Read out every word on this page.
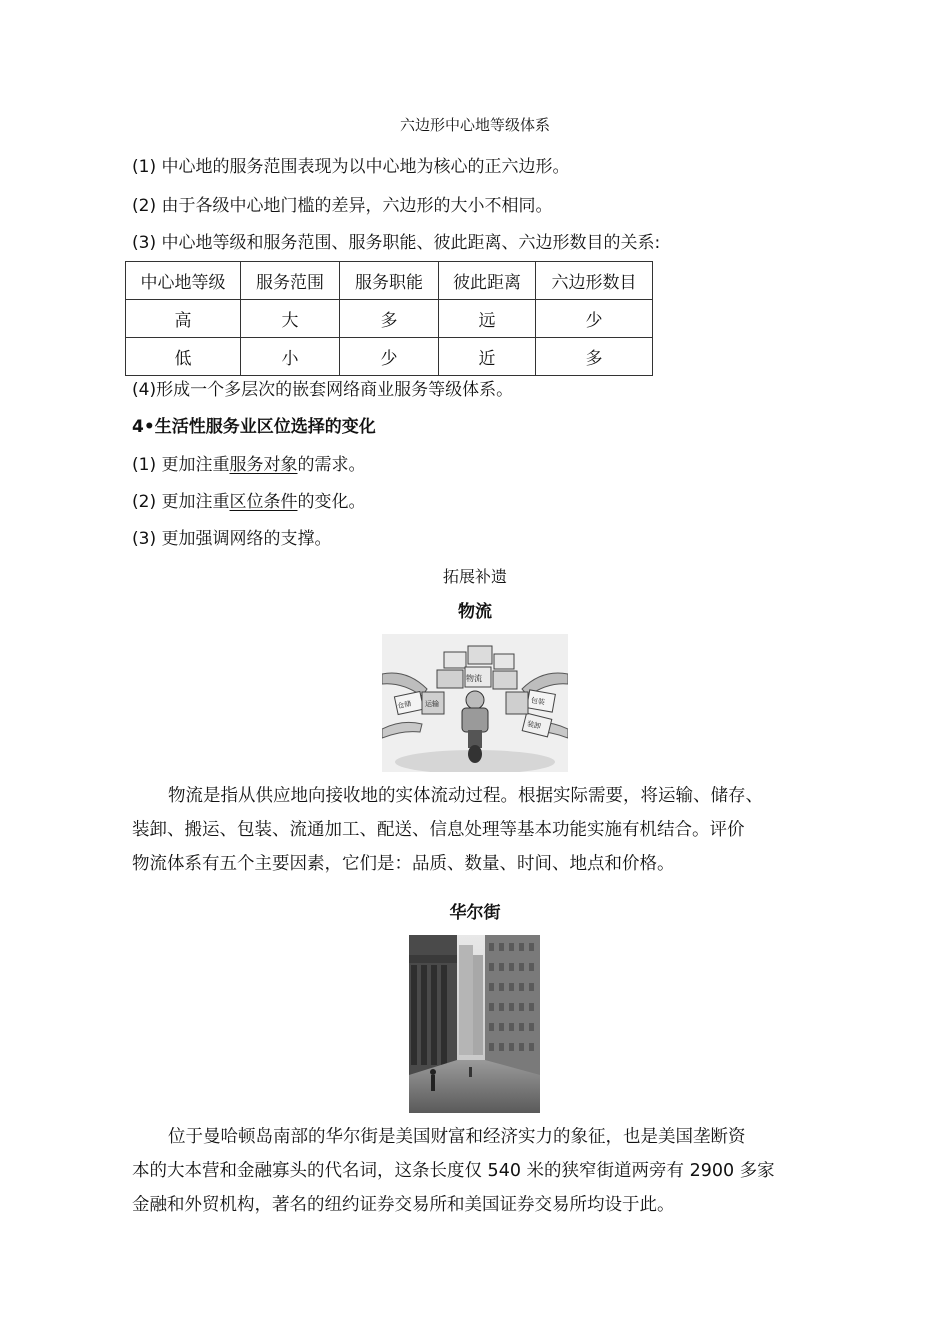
六边形中心地等级体系
(1) 中心地的服务范围表现为以中心地为核心的正六边形。
(2) 由于各级中心地门槛的差异，六边形的大小不相同。
(3) 中心地等级和服务范围、服务职能、彼此距离、六边形数目的关系:
中心地等级	服务范围	服务职能	彼此距离	六边形数目
高	大	多	远	少
低	小	少	近	多
(4)形成一个多层次的嵌套网络商业服务等级体系。
4•生活性服务业区位选择的变化
(1) 更加注重服务对象的需求。
(2) 更加注重区位条件的变化。
(3) 更加强调网络的支撑。
拓展补遗
物流
物流
仓储	包装
装卸
运输
物流是指从供应地向接收地的实体流动过程。根据实际需要，将运输、储存、
装卸、搬运、包装、流通加工、配送、信息处理等基本功能实施有机结合。评价
物流体系有五个主要因素，它们是：品质、数量、时间、地点和价格。
华尔街
位于曼哈顿岛南部的华尔街是美国财富和经济实力的象征，也是美国垄断资
本的大本营和金融寡头的代名词，这条长度仅 540 米的狭窄街道两旁有 2900 多家
金融和外贸机构，著名的纽约证券交易所和美国证券交易所均设于此。
